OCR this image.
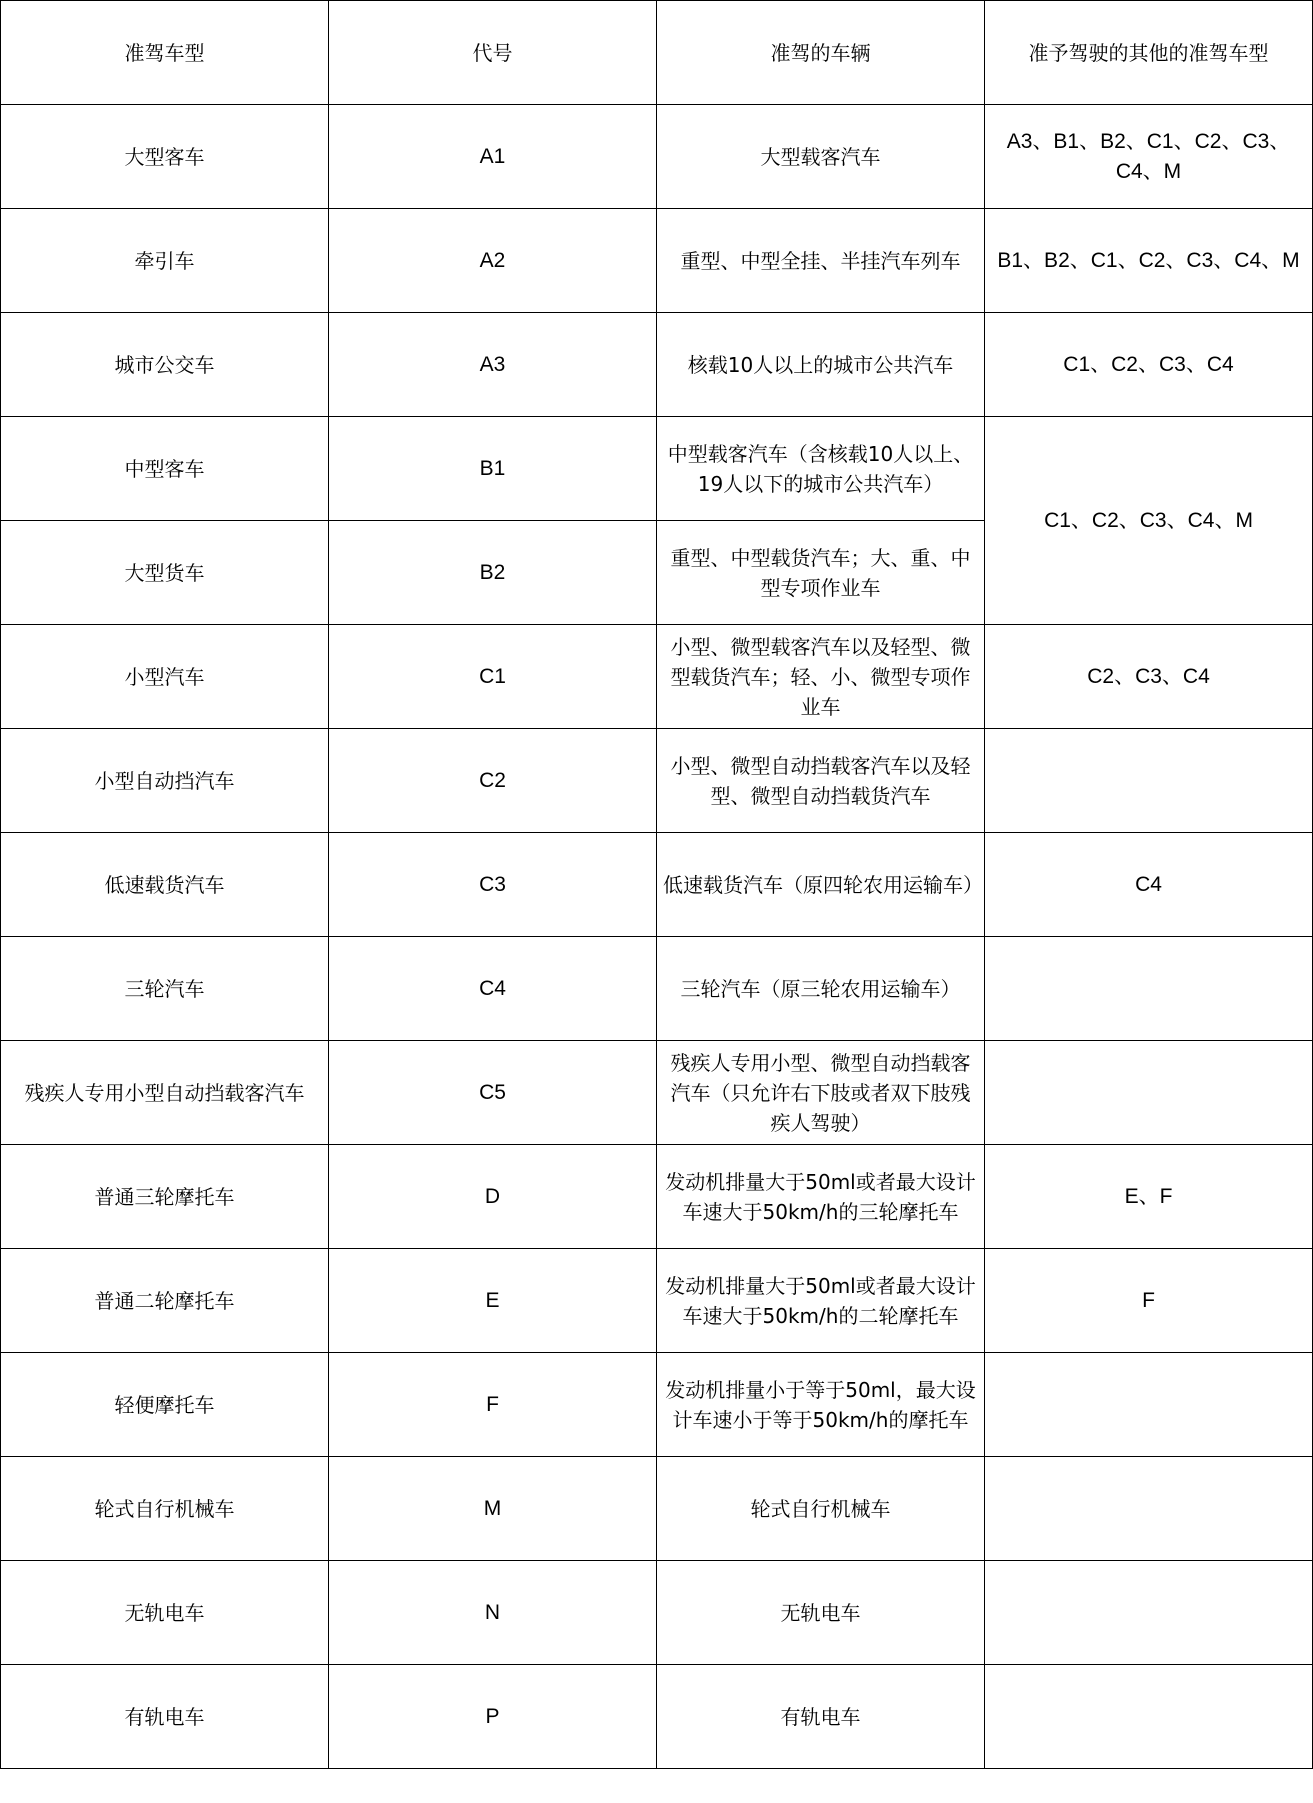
准驾车型	代号	准驾的车辆	准予驾驶的其他的准驾车型
大型客车	A1	大型载客汽车	A3、B1、B2、C1、C2、C3、C4、M
牵引车	A2	重型、中型全挂、半挂汽车列车	B1、B2、C1、C2、C3、C4、M
城市公交车	A3	核载10人以上的城市公共汽车	C1、C2、C3、C4
中型客车	B1	中型载客汽车（含核载10人以上、19人以下的城市公共汽车）	C1、C2、C3、C4、M
大型货车	B2	重型、中型载货汽车；大、重、中型专项作业车	
小型汽车	C1	小型、微型载客汽车以及轻型、微型载货汽车；轻、小、微型专项作业车	C2、C3、C4
小型自动挡汽车	C2	小型、微型自动挡载客汽车以及轻型、微型自动挡载货汽车	
低速载货汽车	C3	低速载货汽车（原四轮农用运输车）	C4
三轮汽车	C4	三轮汽车（原三轮农用运输车）	
残疾人专用小型自动挡载客汽车	C5	残疾人专用小型、微型自动挡载客汽车（只允许右下肢或者双下肢残疾人驾驶）	
普通三轮摩托车	D	发动机排量大于50ml或者最大设计车速大于50km/h的三轮摩托车	E、F
普通二轮摩托车	E	发动机排量大于50ml或者最大设计车速大于50km/h的二轮摩托车	F
轻便摩托车	F	发动机排量小于等于50ml，最大设计车速小于等于50km/h的摩托车	
轮式自行机械车	M	轮式自行机械车	
无轨电车	N	无轨电车	
有轨电车	P	有轨电车	
